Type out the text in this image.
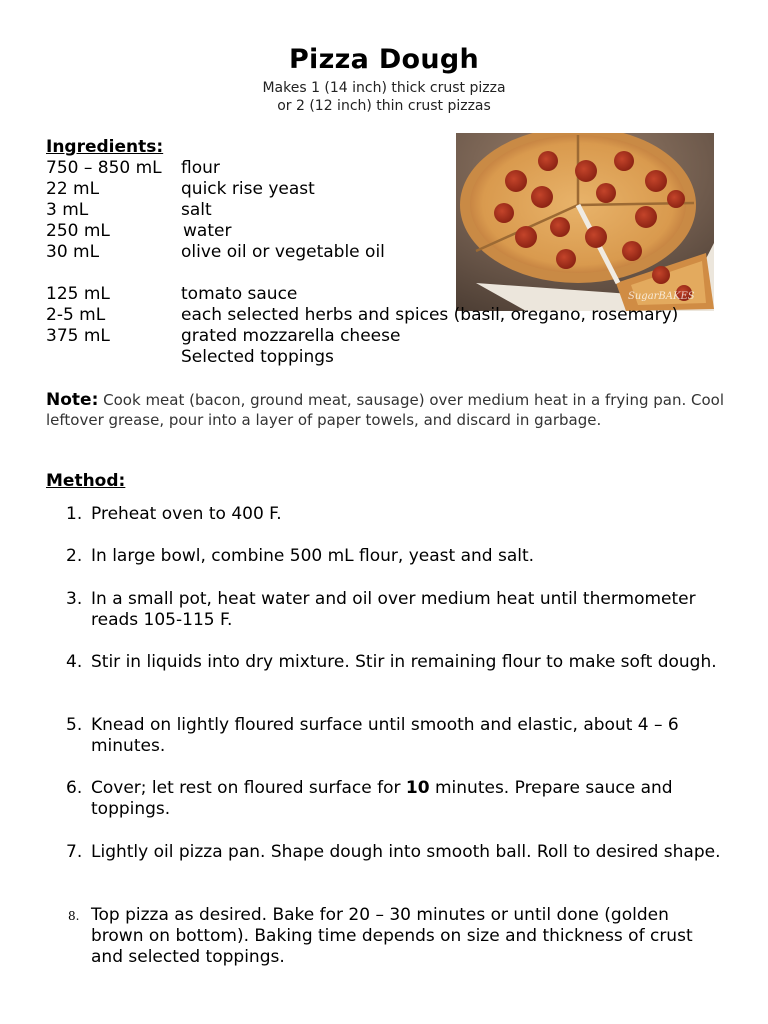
Pizza Dough
Makes 1 (14 inch) thick crust pizza
or 2 (12 inch) thin crust pizzas
Ingredients:
750 – 850 mL flour
22 mL	quick rise yeast
3 mL	salt
250 mL	water
30 mL	olive oil or vegetable oil
125 mL	tomato sauce
2-5 mL	each selected herbs and spices (basil, oregano, rosemary)
375 mL	grated mozzarella cheese
Selected toppings
SugarBAKES
Note: Cook meat (bacon, ground meat, sausage) over medium heat in a frying pan. Cool leftover grease, pour into a layer of paper towels, and discard in garbage.
Method:
1. Preheat oven to 400 F.
2. In large bowl, combine 500 mL flour, yeast and salt.
3. In a small pot, heat water and oil over medium heat until thermometer reads 105-115 F.
4. Stir in liquids into dry mixture. Stir in remaining flour to make soft dough.
5. Knead on lightly floured surface until smooth and elastic, about 4 – 6 minutes.
6. Cover; let rest on floured surface for 10 minutes. Prepare sauce and toppings.
7. Lightly oil pizza pan. Shape dough into smooth ball. Roll to desired shape.
8. Top pizza as desired. Bake for 20 – 30 minutes or until done (golden brown on bottom). Baking time depends on size and thickness of crust and selected toppings.
